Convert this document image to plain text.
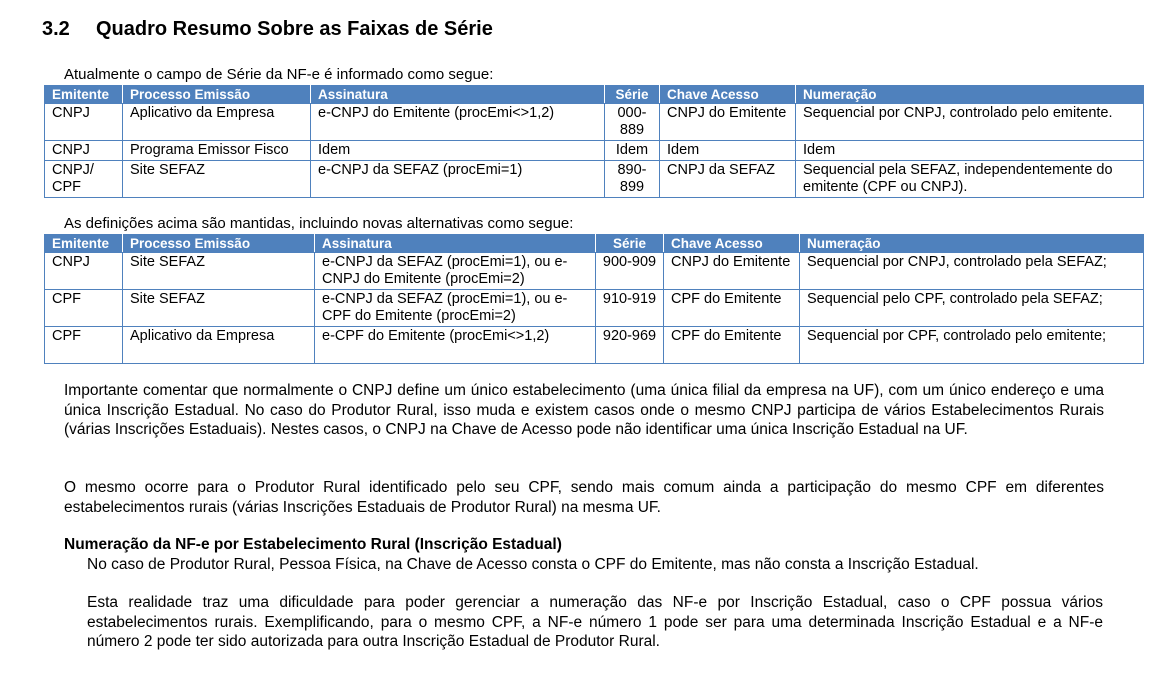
3.2 Quadro Resumo Sobre as Faixas de Série
Atualmente o campo de Série da NF-e é informado como segue:
Emitente	Processo Emissão	Assinatura	Série	Chave Acesso	Numeração
CNPJ	Aplicativo da Empresa	e-CNPJ do Emitente (procEmi<>1,2)	000-889	CNPJ do Emitente	Sequencial por CNPJ, controlado pelo emitente.
CNPJ	Programa Emissor Fisco	Idem	Idem	Idem	Idem
CNPJ/ CPF	Site SEFAZ	e-CNPJ da SEFAZ (procEmi=1)	890-899	CNPJ da SEFAZ	Sequencial pela SEFAZ, independentemente do emitente (CPF ou CNPJ).
As definições acima são mantidas, incluindo novas alternativas como segue:
Emitente	Processo Emissão	Assinatura	Série	Chave Acesso	Numeração
CNPJ	Site SEFAZ	e-CNPJ da SEFAZ (procEmi=1), ou e-CNPJ do Emitente (procEmi=2)	900-909	CNPJ do Emitente	Sequencial por CNPJ, controlado pela SEFAZ;
CPF	Site SEFAZ	e-CNPJ da SEFAZ (procEmi=1), ou e-CPF do Emitente (procEmi=2)	910-919	CPF do Emitente	Sequencial pelo CPF, controlado pela SEFAZ;
CPF	Aplicativo da Empresa	e-CPF do Emitente (procEmi<>1,2)	920-969	CPF do Emitente	Sequencial por CPF, controlado pelo emitente;
Importante comentar que normalmente o CNPJ define um único estabelecimento (uma única filial da empresa na UF), com um único endereço e uma única Inscrição Estadual. No caso do Produtor Rural, isso muda e existem casos onde o mesmo CNPJ participa de vários Estabelecimentos Rurais (várias Inscrições Estaduais). Nestes casos, o CNPJ na Chave de Acesso pode não identificar uma única Inscrição Estadual na UF.
O mesmo ocorre para o Produtor Rural identificado pelo seu CPF, sendo mais comum ainda a participação do mesmo CPF em diferentes estabelecimentos rurais (várias Inscrições Estaduais de Produtor Rural) na mesma UF.
Numeração da NF-e por Estabelecimento Rural (Inscrição Estadual)
No caso de Produtor Rural, Pessoa Física, na Chave de Acesso consta o CPF do Emitente, mas não consta a Inscrição Estadual.
Esta realidade traz uma dificuldade para poder gerenciar a numeração das NF-e por Inscrição Estadual, caso o CPF possua vários estabelecimentos rurais. Exemplificando, para o mesmo CPF, a NF-e número 1 pode ser para uma determinada Inscrição Estadual e a NF-e número 2 pode ter sido autorizada para outra Inscrição Estadual de Produtor Rural.
